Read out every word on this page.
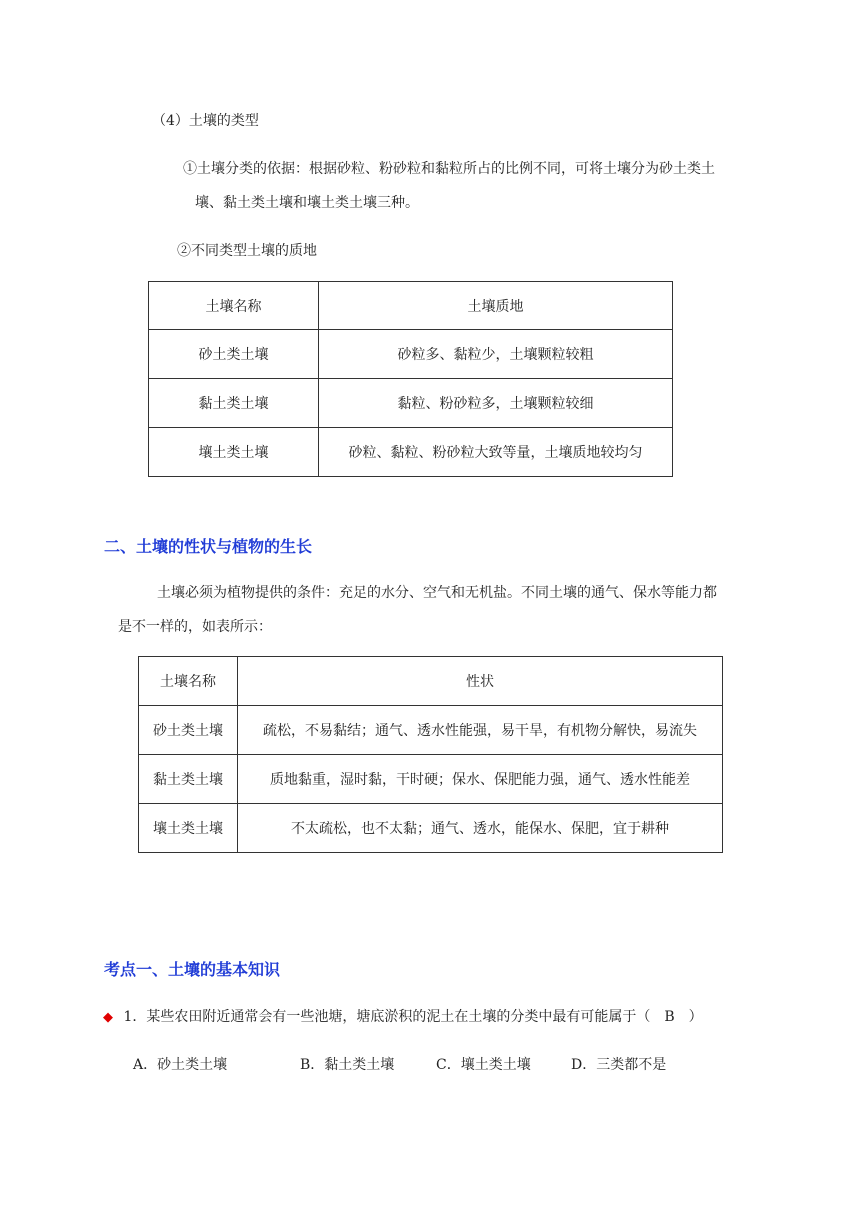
（4）土壤的类型
①土壤分类的依据：根据砂粒、粉砂粒和黏粒所占的比例不同，可将土壤分为砂土类土
壤、黏土类土壤和壤土类土壤三种。
②不同类型土壤的质地
土壤名称	土壤质地
砂土类土壤	砂粒多、黏粒少，土壤颗粒较粗
黏土类土壤	黏粒、粉砂粒多，土壤颗粒较细
壤土类土壤	砂粒、黏粒、粉砂粒大致等量，土壤质地较均匀
二、土壤的性状与植物的生长
土壤必须为植物提供的条件：充足的水分、空气和无机盐。不同土壤的通气、保水等能力都
是不一样的，如表所示：
土壤名称	性状
砂土类土壤	疏松，不易黏结；通气、透水性能强，易干旱，有机物分解快，易流失
黏土类土壤	质地黏重，湿时黏，干时硬；保水、保肥能力强，通气、透水性能差
壤土类土壤	不太疏松，也不太黏；通气、透水，能保水、保肥，宜于耕种
考点一、土壤的基本知识
◆ 1．某些农田附近通常会有一些池塘，塘底淤积的泥土在土壤的分类中最有可能属于（　B　）
A．砂土类土壤	B．黏土类土壤	C．壤土类土壤	D．三类都不是
